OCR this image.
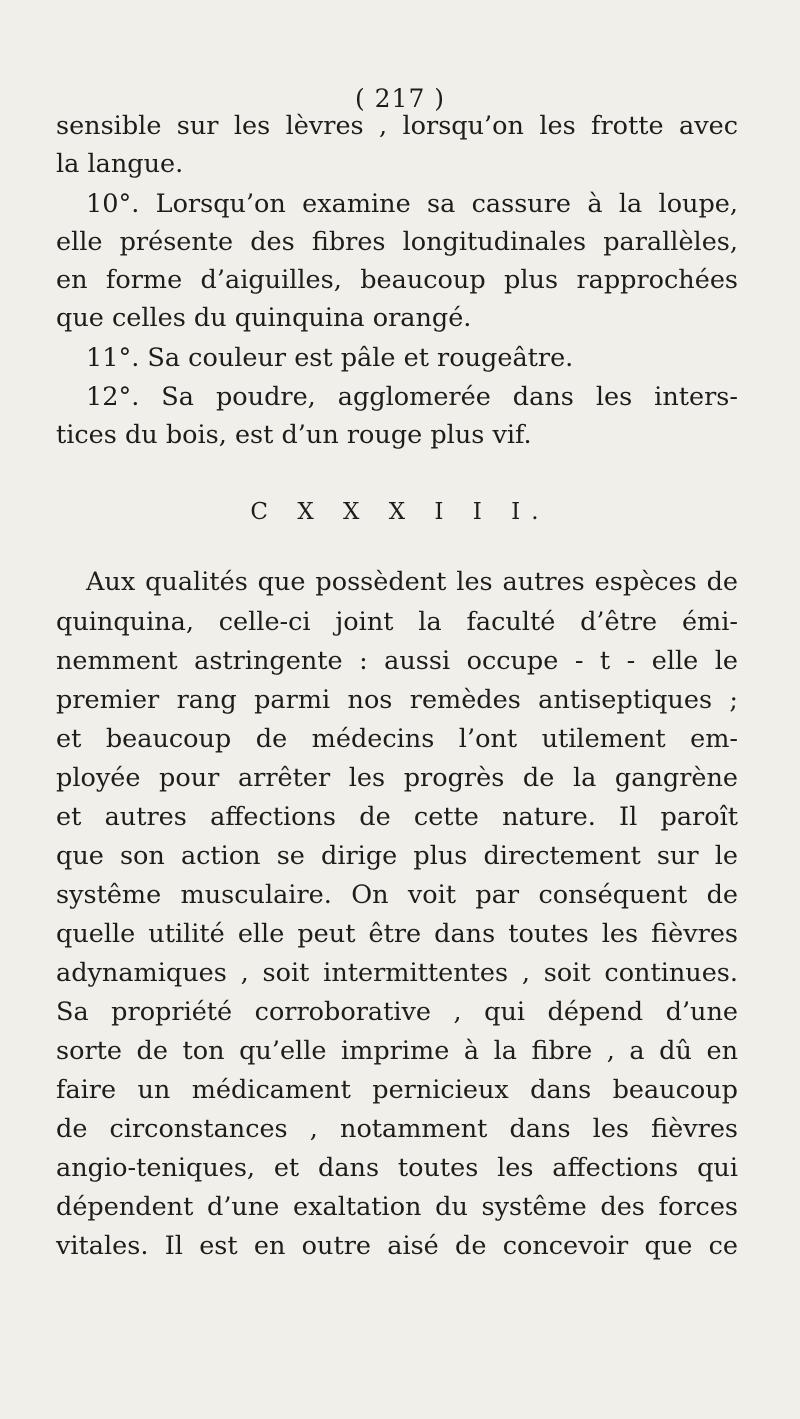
( 217 )
sensible sur les lèvres , lorsqu’on les frotte avec
la langue.
10°. Lorsqu’on examine sa cassure à la loupe,
elle présente des fibres longitudinales parallèles,
en forme d’aiguilles, beaucoup plus rapprochées
que celles du quinquina orangé.
11°. Sa couleur est pâle et rougeâtre.
12°. Sa poudre, agglomerée dans les inters-
tices du bois, est d’un rouge plus vif.
C X X X I I I.
Aux qualités que possèdent les autres espèces de
quinquina, celle-ci joint la faculté d’être émi-
nemment astringente : aussi occupe - t - elle le
premier rang parmi nos remèdes antiseptiques ;
et beaucoup de médecins l’ont utilement em-
ployée pour arrêter les progrès de la gangrène
et autres affections de cette nature. Il paroît
que son action se dirige plus directement sur le
systême musculaire. On voit par conséquent de
quelle utilité elle peut être dans toutes les fièvres
adynamiques , soit intermittentes , soit continues.
Sa propriété corroborative , qui dépend d’une
sorte de ton qu’elle imprime à la fibre , a dû en
faire un médicament pernicieux dans beaucoup
de circonstances , notamment dans les fièvres
angio-teniques, et dans toutes les affections qui
dépendent d’une exaltation du systême des forces
vitales. Il est en outre aisé de concevoir que ce
